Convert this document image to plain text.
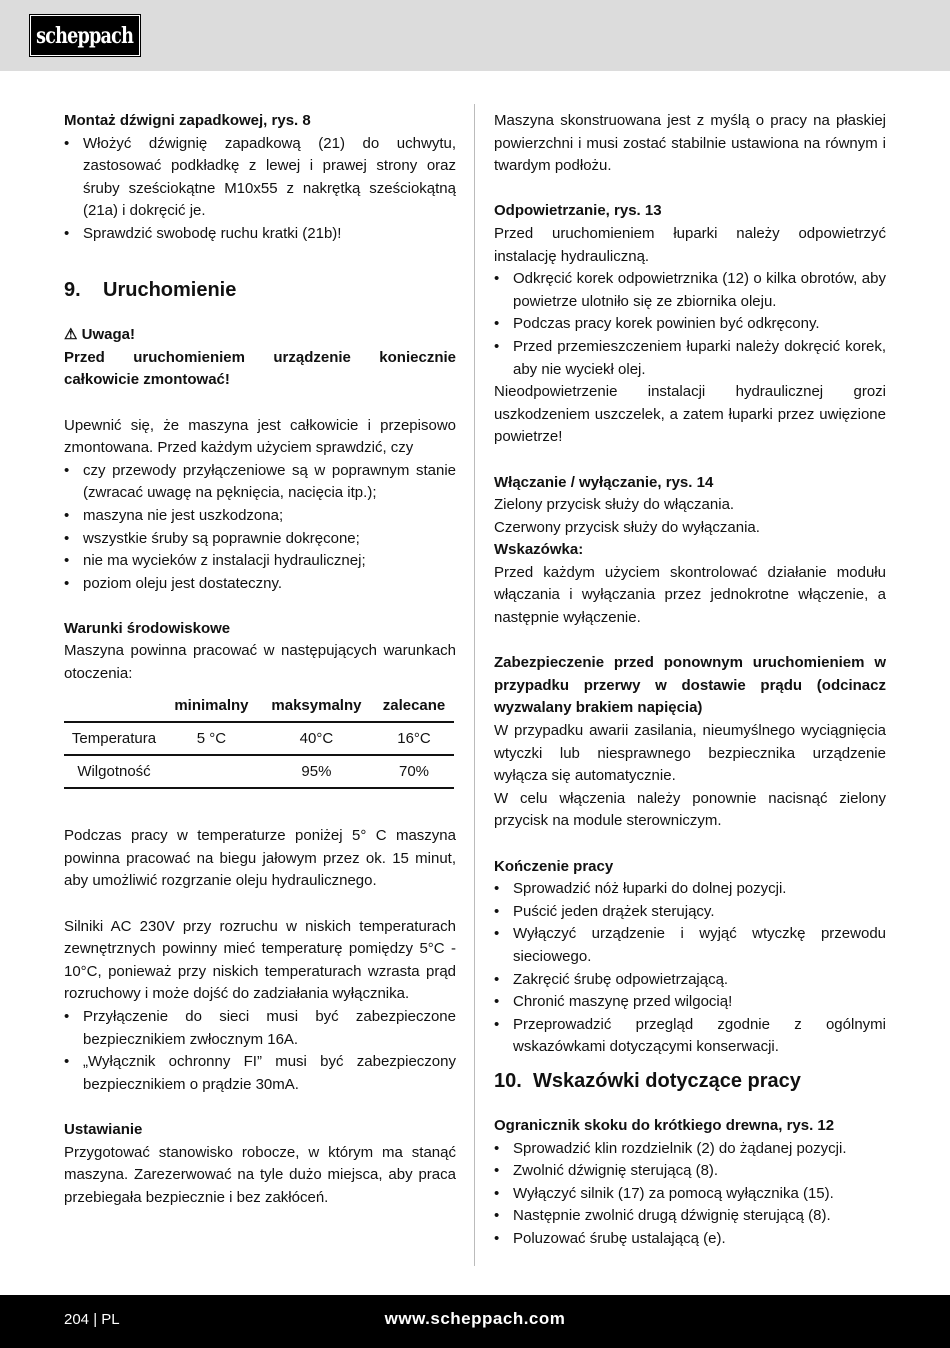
scheppach
Montaż dźwigni zapadkowej, rys. 8
• Włożyć dźwignię zapadkową (21) do uchwytu, zastosować podkładkę z lewej i prawej strony oraz śruby sześciokątne M10x55 z nakrętką sześciokątną (21a) i dokręcić je.
• Sprawdzić swobodę ruchu kratki (21b)!
9.	Uruchomienie
⚠ Uwaga!
Przed uruchomieniem urządzenie koniecznie całkowicie zmontować!
Upewnić się, że maszyna jest całkowicie i przepisowo zmontowana. Przed każdym użyciem sprawdzić, czy
• czy przewody przyłączeniowe są w poprawnym stanie (zwracać uwagę na pęknięcia, nacięcia itp.);
• maszyna nie jest uszkodzona;
• wszystkie śruby są poprawnie dokręcone;
• nie ma wycieków z instalacji hydraulicznej;
• poziom oleju jest dostateczny.
Warunki środowiskowe
Maszyna powinna pracować w następujących warunkach otoczenia:
	minimalny	maksymalny	zalecane
Temperatura	5 °C	40°C	16°C
Wilgotność		95%	70%
Podczas pracy w temperaturze poniżej 5° C maszyna powinna pracować na biegu jałowym przez ok. 15 minut, aby umożliwić rozgrzanie oleju hydraulicznego.
Silniki AC 230V przy rozruchu w niskich temperaturach zewnętrznych powinny mieć temperaturę pomiędzy 5°C - 10°C, ponieważ przy niskich temperaturach wzrasta prąd rozruchowy i może dojść do zadziałania wyłącznika.
• Przyłączenie do sieci musi być zabezpieczone bezpiecznikiem zwłocznym 16A.
• „Wyłącznik ochronny FI” musi być zabezpieczony bezpiecznikiem o prądzie 30mA.
Ustawianie
Przygotować stanowisko robocze, w którym ma stanąć maszyna. Zarezerwować na tyle dużo miejsca, aby praca przebiegała bezpiecznie i bez zakłóceń.
Maszyna skonstruowana jest z myślą o pracy na płaskiej powierzchni i musi zostać stabilnie ustawiona na równym i twardym podłożu.
Odpowietrzanie, rys. 13
Przed uruchomieniem łuparki należy odpowietrzyć instalację hydrauliczną.
• Odkręcić korek odpowietrznika (12) o kilka obrotów, aby powietrze ulotniło się ze zbiornika oleju.
• Podczas pracy korek powinien być odkręcony.
• Przed przemieszczeniem łuparki należy dokręcić korek, aby nie wyciekł olej.
Nieodpowietrzenie instalacji hydraulicznej grozi uszkodzeniem uszczelek, a zatem łuparki przez uwięzione powietrze!
Włączanie / wyłączanie, rys. 14
Zielony przycisk służy do włączania.
Czerwony przycisk służy do wyłączania.
Wskazówka:
Przed każdym użyciem skontrolować działanie modułu włączania i wyłączania przez jednokrotne włączenie, a następnie wyłączenie.
Zabezpieczenie przed ponownym uruchomieniem w przypadku przerwy w dostawie prądu (odcinacz wyzwalany brakiem napięcia)
W przypadku awarii zasilania, nieumyślnego wyciągnięcia wtyczki lub niesprawnego bezpiecznika urządzenie wyłącza się automatycznie.
W celu włączenia należy ponownie nacisnąć zielony przycisk na module sterowniczym.
Kończenie pracy
• Sprowadzić nóż łuparki do dolnej pozycji.
• Puścić jeden drążek sterujący.
• Wyłączyć urządzenie i wyjąć wtyczkę przewodu sieciowego.
• Zakręcić śrubę odpowietrzającą.
• Chronić maszynę przed wilgocią!
• Przeprowadzić przegląd zgodnie z ogólnymi wskazówkami dotyczącymi konserwacji.
10. Wskazówki dotyczące pracy
Ogranicznik skoku do krótkiego drewna, rys. 12
• Sprowadzić klin rozdzielnik (2) do żądanej pozycji.
• Zwolnić dźwignię sterującą (8).
• Wyłączyć silnik (17) za pomocą wyłącznika (15).
• Następnie zwolnić drugą dźwignię sterującą (8).
• Poluzować śrubę ustalającą (e).
204 | PL	www.scheppach.com
